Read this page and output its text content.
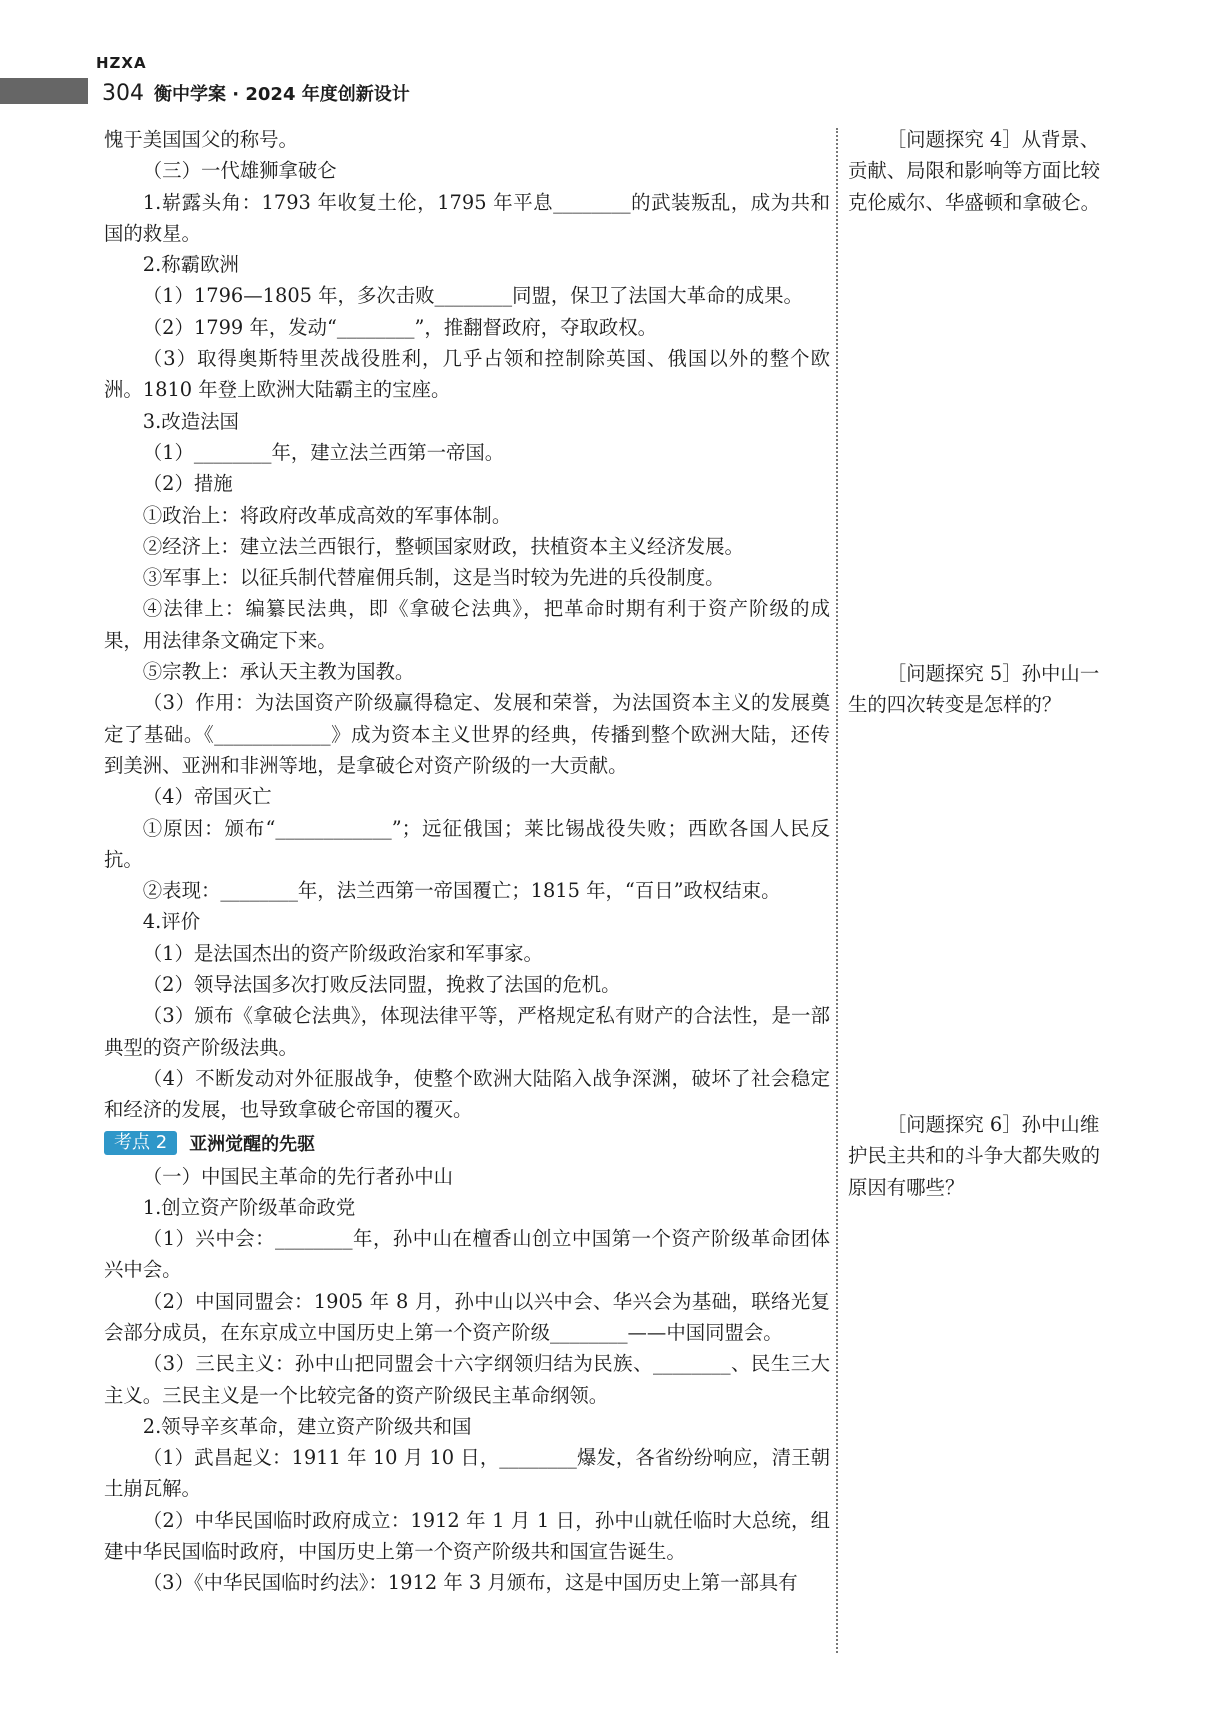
HZXA
304 衡中学案 · 2024 年度创新设计

愧于美国国父的称号。

（三）一代雄狮拿破仑

1.崭露头角：1793 年收复土伦，1795 年平息________的武装叛乱，成为共和国的救星。

2.称霸欧洲

（1）1796—1805 年，多次击败________同盟，保卫了法国大革命的成果。

（2）1799 年，发动“________”，推翻督政府，夺取政权。

（3）取得奥斯特里茨战役胜利，几乎占领和控制除英国、俄国以外的整个欧洲。1810 年登上欧洲大陆霸主的宝座。

3.改造法国

（1）________年，建立法兰西第一帝国。

（2）措施

①政治上：将政府改革成高效的军事体制。

②经济上：建立法兰西银行，整顿国家财政，扶植资本主义经济发展。

③军事上：以征兵制代替雇佣兵制，这是当时较为先进的兵役制度。

④法律上：编纂民法典，即《拿破仑法典》，把革命时期有利于资产阶级的成果，用法律条文确定下来。

⑤宗教上：承认天主教为国教。

（3）作用：为法国资产阶级赢得稳定、发展和荣誉，为法国资本主义的发展奠定了基础。《____________》成为资本主义世界的经典，传播到整个欧洲大陆，还传到美洲、亚洲和非洲等地，是拿破仑对资产阶级的一大贡献。

（4）帝国灭亡

①原因：颁布“____________”；远征俄国；莱比锡战役失败；西欧各国人民反抗。

②表现：________年，法兰西第一帝国覆亡；1815 年，“百日”政权结束。

4.评价

（1）是法国杰出的资产阶级政治家和军事家。

（2）领导法国多次打败反法同盟，挽救了法国的危机。

（3）颁布《拿破仑法典》，体现法律平等，严格规定私有财产的合法性，是一部典型的资产阶级法典。

（4）不断发动对外征服战争，使整个欧洲大陆陷入战争深渊，破坏了社会稳定和经济的发展，也导致拿破仑帝国的覆灭。

考点 2	亚洲觉醒的先驱

（一）中国民主革命的先行者孙中山

1.创立资产阶级革命政党

（1）兴中会：________年，孙中山在檀香山创立中国第一个资产阶级革命团体兴中会。

（2）中国同盟会：1905 年 8 月，孙中山以兴中会、华兴会为基础，联络光复会部分成员，在东京成立中国历史上第一个资产阶级________——中国同盟会。

（3）三民主义：孙中山把同盟会十六字纲领归结为民族、________、民生三大主义。三民主义是一个比较完备的资产阶级民主革命纲领。

2.领导辛亥革命，建立资产阶级共和国

（1）武昌起义：1911 年 10 月 10 日，________爆发，各省纷纷响应，清王朝土崩瓦解。

（2）中华民国临时政府成立：1912 年 1 月 1 日，孙中山就任临时大总统，组建中华民国临时政府，中国历史上第一个资产阶级共和国宣告诞生。

（3）《中华民国临时约法》：1912 年 3 月颁布，这是中国历史上第一部具有

［问题探究 4］从背景、贡献、局限和影响等方面比较克伦威尔、华盛顿和拿破仑。

［问题探究 5］孙中山一生的四次转变是怎样的？

［问题探究 6］孙中山维护民主共和的斗争大都失败的原因有哪些？
